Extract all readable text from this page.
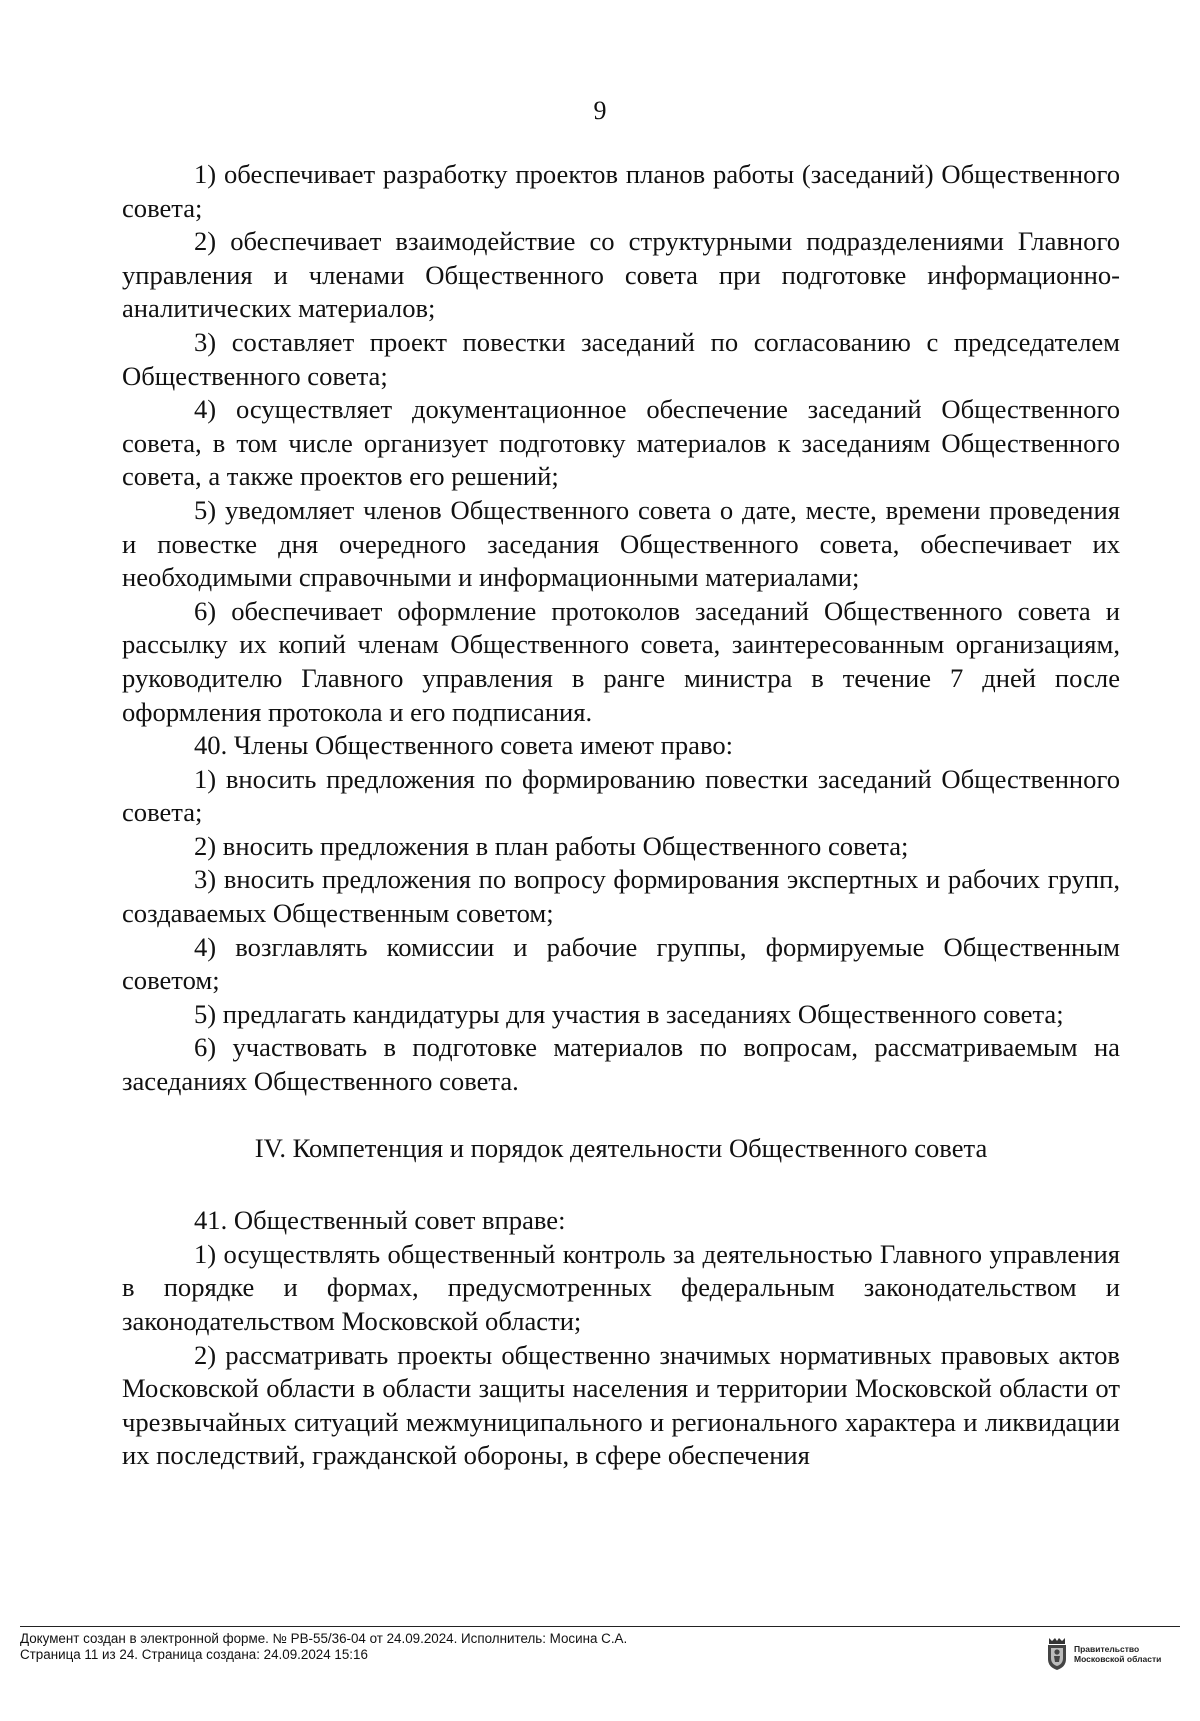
9

1) обеспечивает разработку проектов планов работы (заседаний) Общественного совета;

2) обеспечивает взаимодействие со структурными подразделениями Главного управления и членами Общественного совета при подготовке информационно-аналитических материалов;

3) составляет проект повестки заседаний по согласованию с председателем Общественного совета;

4) осуществляет документационное обеспечение заседаний Общественного совета, в том числе организует подготовку материалов к заседаниям Общественного совета, а также проектов его решений;

5) уведомляет членов Общественного совета о дате, месте, времени проведения и повестке дня очередного заседания Общественного совета, обеспечивает их необходимыми справочными и информационными материалами;

6) обеспечивает оформление протоколов заседаний Общественного совета и рассылку их копий членам Общественного совета, заинтересованным организациям, руководителю Главного управления в ранге министра в течение 7 дней после оформления протокола и его подписания.

40. Члены Общественного совета имеют право:

1) вносить предложения по формированию повестки заседаний Общественного совета;

2) вносить предложения в план работы Общественного совета;

3) вносить предложения по вопросу формирования экспертных и рабочих групп, создаваемых Общественным советом;

4) возглавлять комиссии и рабочие группы, формируемые Общественным советом;

5) предлагать кандидатуры для участия в заседаниях Общественного совета;

6) участвовать в подготовке материалов по вопросам, рассматриваемым на заседаниях Общественного совета.

IV. Компетенция и порядок деятельности Общественного совета

41. Общественный совет вправе:

1) осуществлять общественный контроль за деятельностью Главного управления в порядке и формах, предусмотренных федеральным законодательством и законодательством Московской области;

2) рассматривать проекты общественно значимых нормативных правовых актов Московской области в области защиты населения и территории Московской области от чрезвычайных ситуаций межмуниципального и регионального характера и ликвидации их последствий, гражданской обороны, в сфере обеспечения

Документ создан в электронной форме. № РВ-55/36-04 от 24.09.2024. Исполнитель: Мосина С.А.
Страница 11 из 24. Страница создана: 24.09.2024 15:16	Правительство
Московской области
